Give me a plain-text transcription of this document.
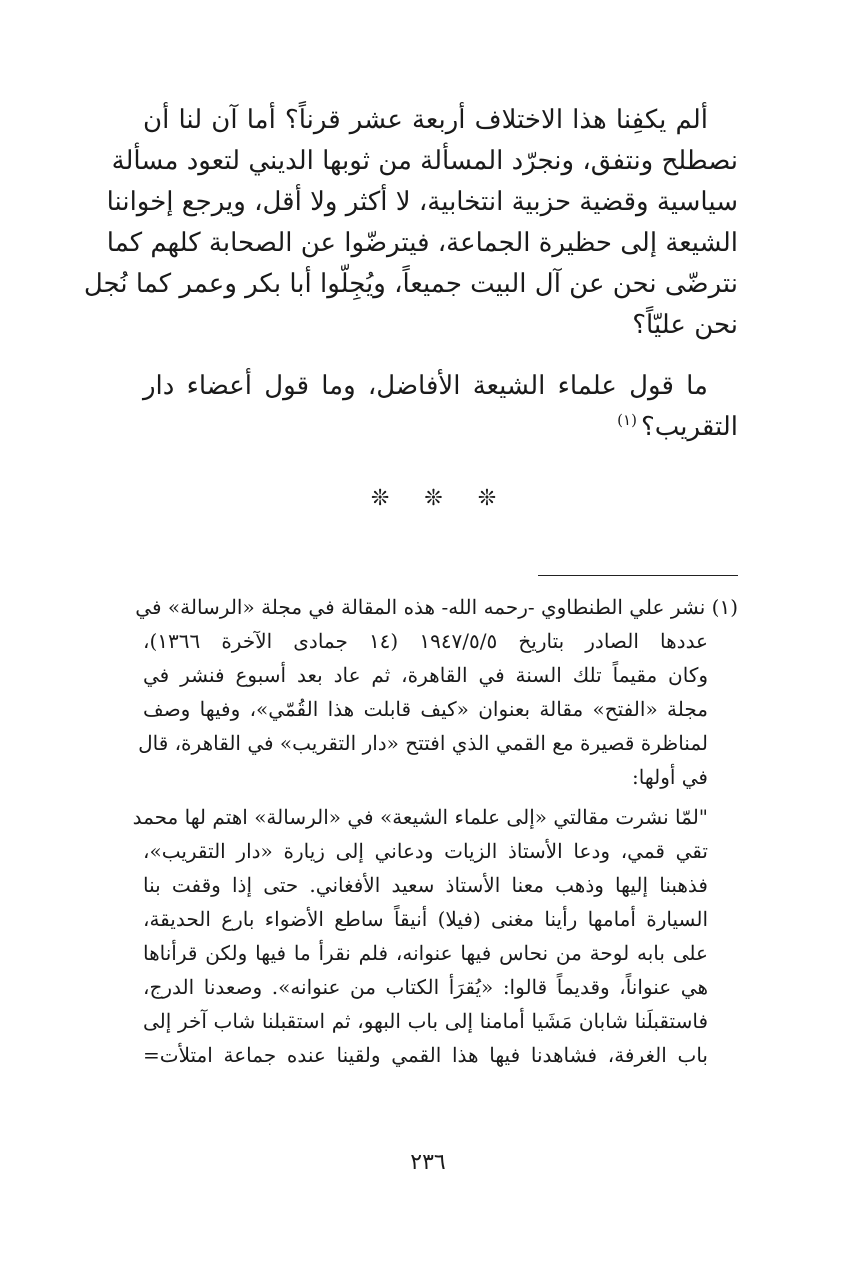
ألم يكفِنا هذا الاختلاف أربعة عشر قرناً؟ أما آن لنا أن
نصطلح ونتفق، ونجرّد المسألة من ثوبها الديني لتعود مسألة
سياسية وقضية حزبية انتخابية، لا أكثر ولا أقل، ويرجع إخواننا
الشيعة إلى حظيرة الجماعة، فيترضّوا عن الصحابة كلهم كما
نترضّى نحن عن آل البيت جميعاً، ويُجِلّوا أبا بكر وعمر كما نُجل
نحن عليّاً؟
ما قول علماء الشيعة الأفاضل، وما قول أعضاء دار
التقريب؟$^{(١)}$
❊ ❊ ❊
(١) نشر علي الطنطاوي -رحمه الله- هذه المقالة في مجلة «الرسالة» في
عددها الصادر بتاريخ ١٩٤٧/٥/٥ (١٤ جمادى الآخرة ١٣٦٦)،
وكان مقيماً تلك السنة في القاهرة، ثم عاد بعد أسبوع فنشر في
مجلة «الفتح» مقالة بعنوان «كيف قابلت هذا القُمّي»، وفيها وصف
لمناظرة قصيرة مع القمي الذي افتتح «دار التقريب» في القاهرة، قال
في أولها:
"لمّا نشرت مقالتي «إلى علماء الشيعة» في «الرسالة» اهتم لها محمد
تقي قمي، ودعا الأستاذ الزيات ودعاني إلى زيارة «دار التقريب»،
فذهبنا إليها وذهب معنا الأستاذ سعيد الأفغاني. حتى إذا وقفت بنا
السيارة أمامها رأينا مغنى (فيلا) أنيقاً ساطع الأضواء بارع الحديقة،
على بابه لوحة من نحاس فيها عنوانه، فلم نقرأ ما فيها ولكن قرأناها
هي عنواناً، وقديماً قالوا: «يُقرَأ الكتاب من عنوانه». وصعدنا الدرج،
فاستقبلَنا شابان مَشَيا أمامنا إلى باب البهو، ثم استقبلنا شاب آخر إلى
باب الغرفة، فشاهدنا فيها هذا القمي ولقينا عنده جماعة امتلأت=
٢٣٦
